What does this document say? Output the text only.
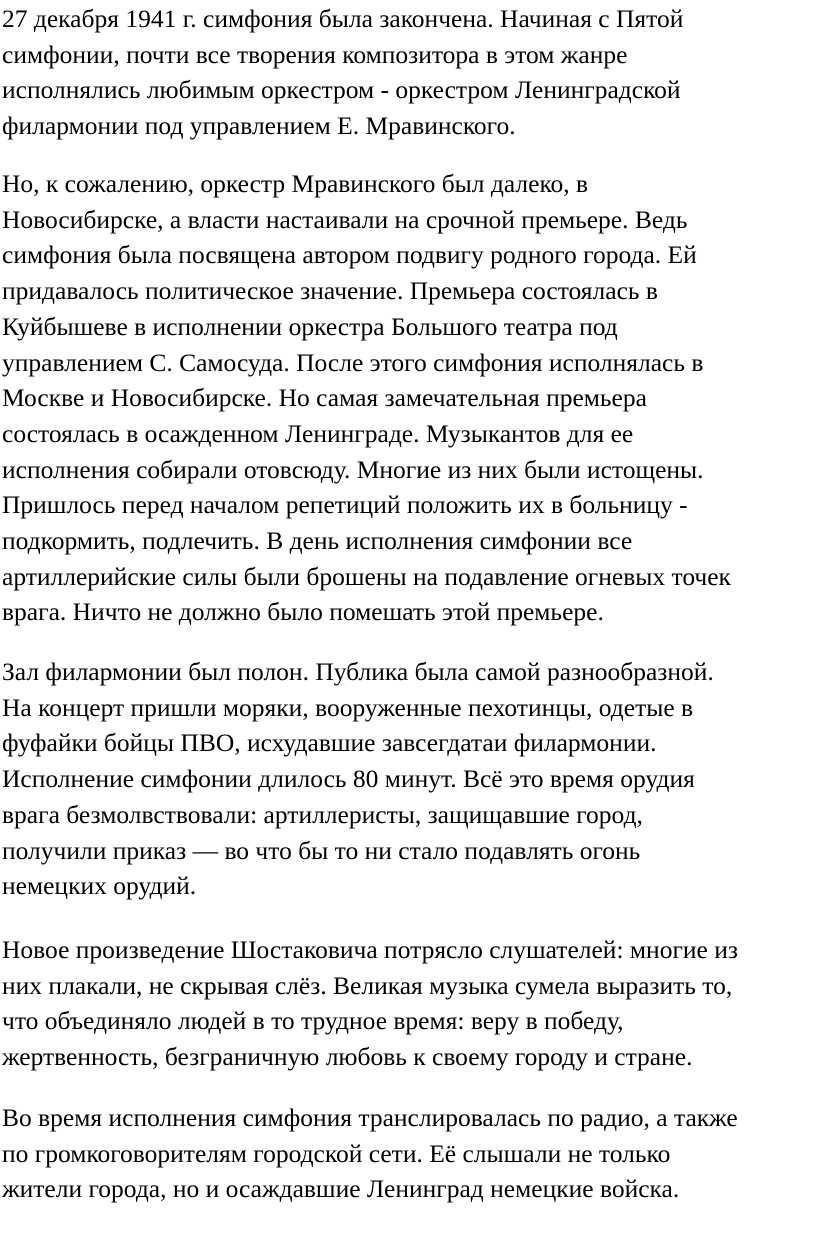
27 декабря 1941 г. симфония была закончена. Начиная с Пятой
симфонии, почти все творения композитора в этом жанре
исполнялись любимым оркестром - оркестром Ленинградской
филармонии под управлением Е. Мравинского.

Но, к сожалению, оркестр Мравинского был далеко, в
Новосибирске, а власти настаивали на срочной премьере. Ведь
симфония была посвящена автором подвигу родного города. Ей
придавалось политическое значение. Премьера состоялась в
Куйбышеве в исполнении оркестра Большого театра под
управлением С. Самосуда. После этого симфония исполнялась в
Москве и Новосибирске. Но самая замечательная премьера
состоялась в осажденном Ленинграде. Музыкантов для ее
исполнения собирали отовсюду. Многие из них были истощены.
Пришлось перед началом репетиций положить их в больницу -
подкормить, подлечить. В день исполнения симфонии все
артиллерийские силы были брошены на подавление огневых точек
врага. Ничто не должно было помешать этой премьере.

Зал филармонии был полон. Публика была самой разнообразной.
На концерт пришли моряки, вооруженные пехотинцы, одетые в
фуфайки бойцы ПВО, исхудавшие завсегдатаи филармонии.
Исполнение симфонии длилось 80 минут. Всё это время орудия
врага безмолвствовали: артиллеристы, защищавшие город,
получили приказ — во что бы то ни стало подавлять огонь
немецких орудий.

Новое произведение Шостаковича потрясло слушателей: многие из
них плакали, не скрывая слёз. Великая музыка сумела выразить то,
что объединяло людей в то трудное время: веру в победу,
жертвенность, безграничную любовь к своему городу и стране.

Во время исполнения симфония транслировалась по радио, а также
по громкоговорителям городской сети. Её слышали не только
жители города, но и осаждавшие Ленинград немецкие войска.
